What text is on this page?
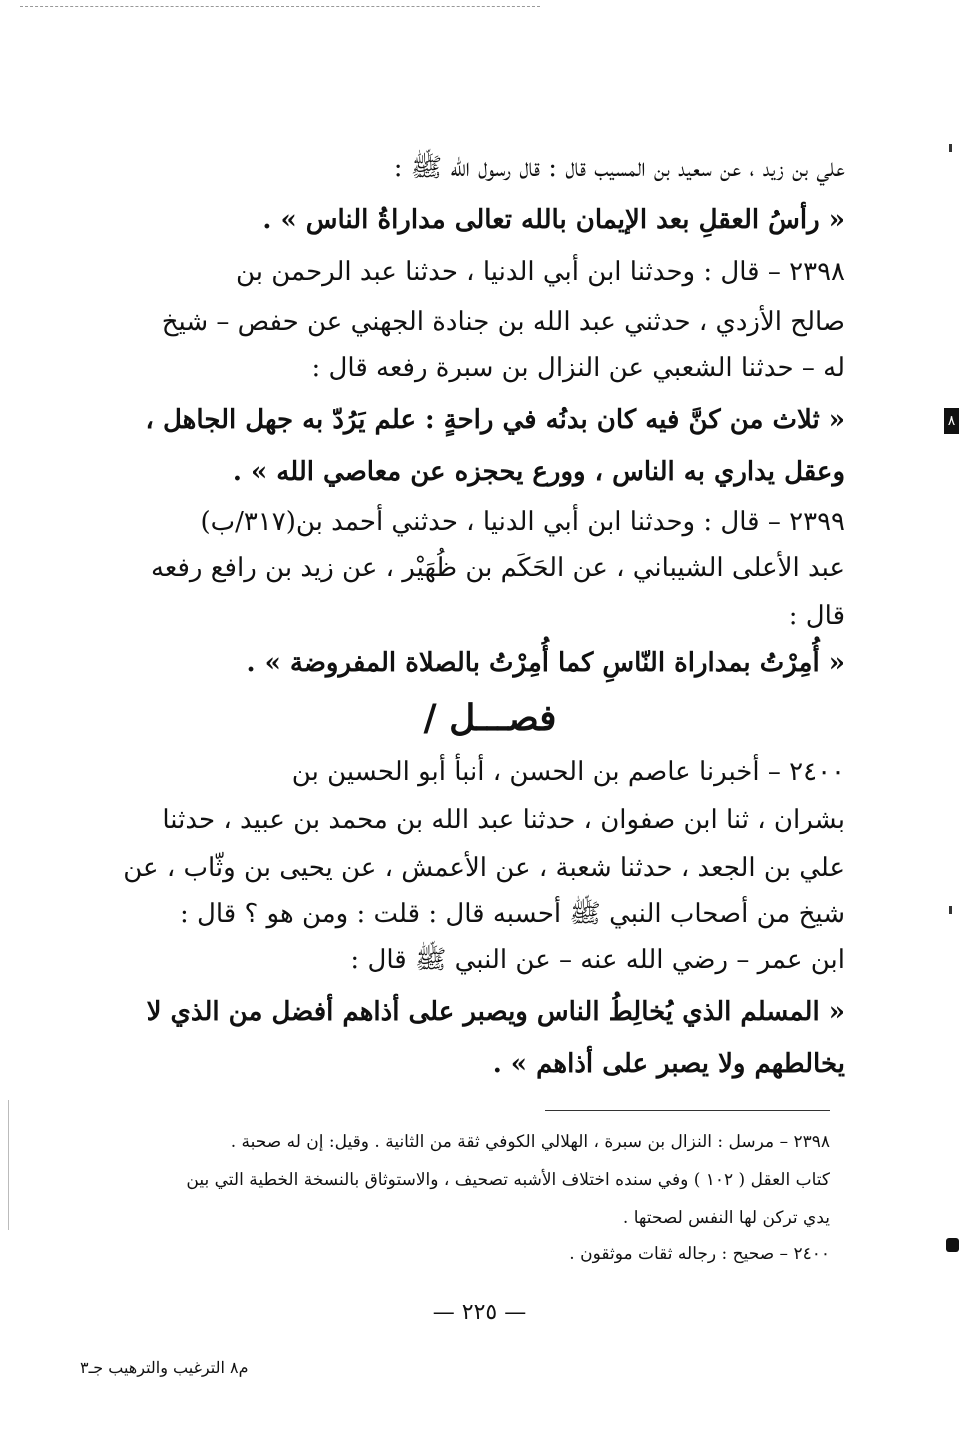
علي بن زيد ، عن سعيد بن المسيب قال : قال رسول الله ﷺ :
« رأسُ العقلِ بعد الإيمان بالله تعالى مداراةُ الناس » .
٢٣٩٨ – قال : وحدثنا ابن أبي الدنيا ، حدثنا عبد الرحمن بن
صالح الأزدي ، حدثني عبد الله بن جنادة الجهني عن حفص – شيخ
له – حدثنا الشعبي عن النزال بن سبرة رفعه قال :
« ثلاث من كنَّ فيه كان بدنُه في راحةٍ : علم يَرُدّ به جهل الجاهل ،
وعقل يداري به الناس ، وورع يحجزه عن معاصي الله » .
٢٣٩٩ – قال : وحدثنا ابن أبي الدنيا ، حدثني أحمد بن(٣١٧/ب)
عبد الأعلى الشيباني ، عن الحَكَم بن ظُهَيْر ، عن زيد بن رافع رفعه
قال :
« أُمِرْتُ بمداراة النّاسِ كما أُمِرْتُ بالصلاة المفروضة » .
فصـــل /
٢٤٠٠ – أخبرنا عاصم بن الحسن ، أنبأ أبو الحسين بن
بشران ، ثنا ابن صفوان ، حدثنا عبد الله بن محمد بن عبيد ، حدثنا
علي بن الجعد ، حدثنا شعبة ، عن الأعمش ، عن يحيى بن وثّاب ، عن
شيخ من أصحاب النبي ﷺ أحسبه قال : قلت : ومن هو ؟ قال :
ابن عمر – رضي الله عنه – عن النبي ﷺ قال :
« المسلم الذي يُخالِطُ الناس ويصبر على أذاهم أفضل من الذي لا
يخالطهم ولا يصبر على أذاهم » .
٢٣٩٨ – مرسل : النزال بن سبرة ، الهلالي الكوفي ثقة من الثانية . وقيل: إن له صحبة .
كتاب العقل ( ١٠٢ ) وفي سنده اختلاف الأشبه تصحيف ، والاستوثاق بالنسخة الخطية التي بين
يدي تركن لها النفس لصحتها .
٢٤٠٠ – صحيح : رجاله ثقات موثقون .
— ٢٢٥ —
م٨ الترغيب والترهيب جـ٣
٨
